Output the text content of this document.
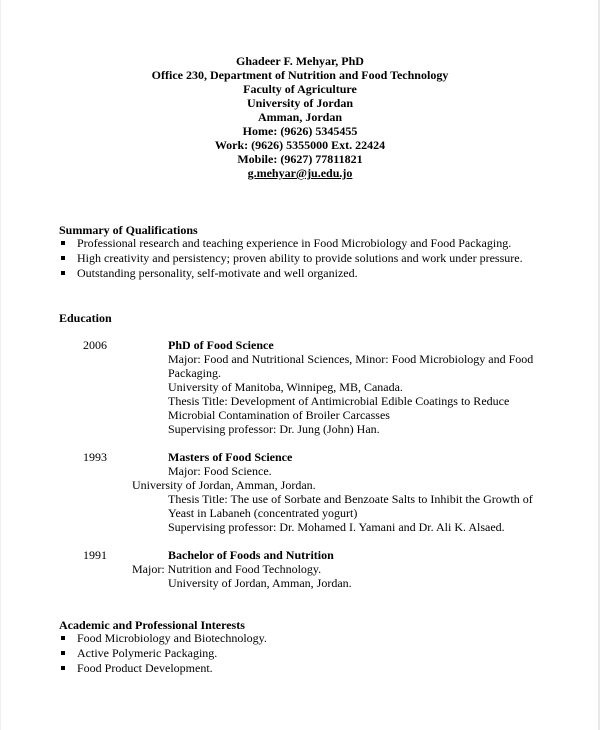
Ghadeer F. Mehyar, PhD
Office 230, Department of Nutrition and Food Technology
Faculty of Agriculture
University of Jordan
Amman, Jordan
Home: (9626) 5345455
Work: (9626) 5355000 Ext. 22424
Mobile: (9627) 77811821
g.mehyar@ju.edu.jo
Summary of Qualifications
Professional research and teaching experience in Food Microbiology and Food Packaging.
High creativity and persistency; proven ability to provide solutions and work under pressure.
Outstanding personality, self-motivate and well organized.
Education
2006	PhD of Food Science
Major: Food and Nutritional Sciences, Minor: Food Microbiology and Food
Packaging.
University of Manitoba, Winnipeg, MB, Canada.
Thesis Title: Development of Antimicrobial Edible Coatings to Reduce
Microbial Contamination of Broiler Carcasses
Supervising professor: Dr. Jung (John) Han.
1993	Masters of Food Science
Major: Food Science.
University of Jordan, Amman, Jordan.
Thesis Title: The use of Sorbate and Benzoate Salts to Inhibit the Growth of
Yeast in Labaneh (concentrated yogurt)
Supervising professor: Dr. Mohamed I. Yamani and Dr. Ali K. Alsaed.
1991	Bachelor of Foods and Nutrition
Major: Nutrition and Food Technology.
University of Jordan, Amman, Jordan.
Academic and Professional Interests
Food Microbiology and Biotechnology.
Active Polymeric Packaging.
Food Product Development.
